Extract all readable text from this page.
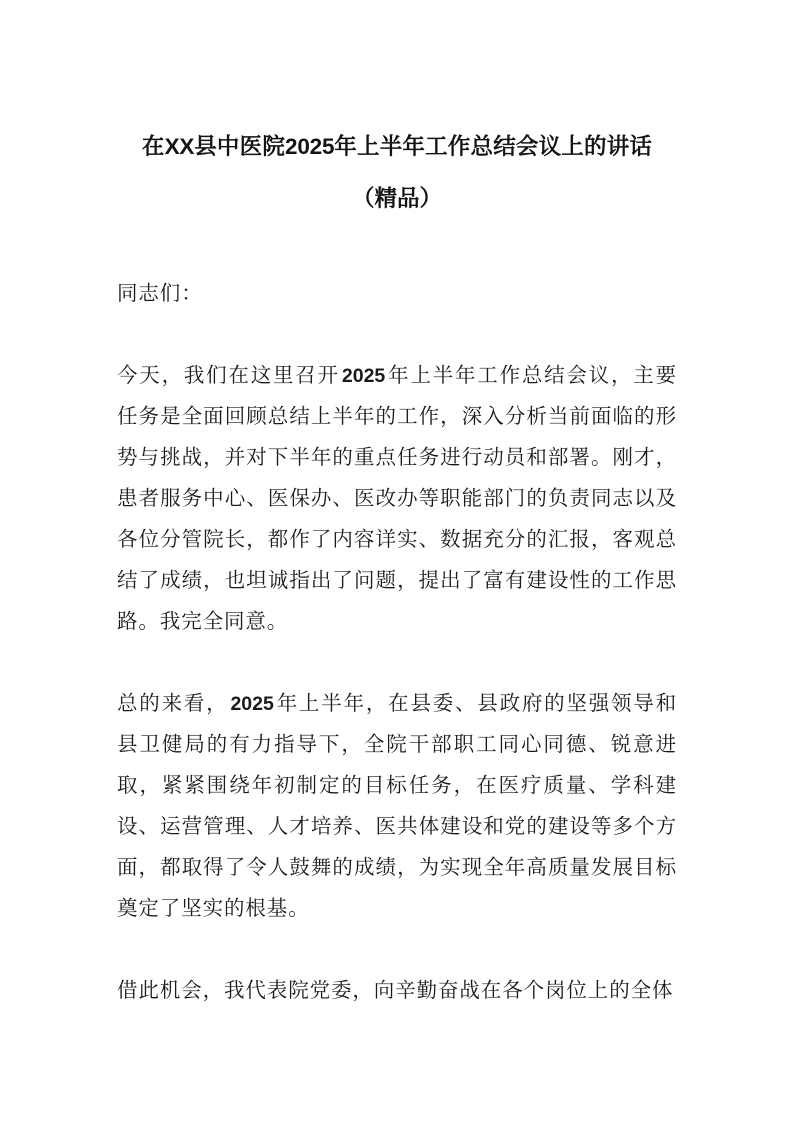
在XX县中医院2025年上半年工作总结会议上的讲话
（精品）

同志们：

今天，我们在这里召开 2025年上半年工作总结会议，主要任务是全面回顾总结上半年的工作，深入分析当前面临的形势与挑战，并对下半年的重点任务进行动员和部署。刚才，患者服务中心、医保办、医改办等职能部门的负责同志以及各位分管院长，都作了内容详实、数据充分的汇报，客观总结了成绩，也坦诚指出了问题，提出了富有建设性的工作思路。我完全同意。

总的来看， 2025年上半年，在县委、县政府的坚强领导和县卫健局的有力指导下，全院干部职工同心同德、锐意进取，紧紧围绕年初制定的目标任务，在医疗质量、学科建设、运营管理、人才培养、医共体建设和党的建设等多个方面，都取得了令人鼓舞的成绩，为实现全年高质量发展目标奠定了坚实的根基。

借此机会，我代表院党委，向辛勤奋战在各个岗位上的全体
